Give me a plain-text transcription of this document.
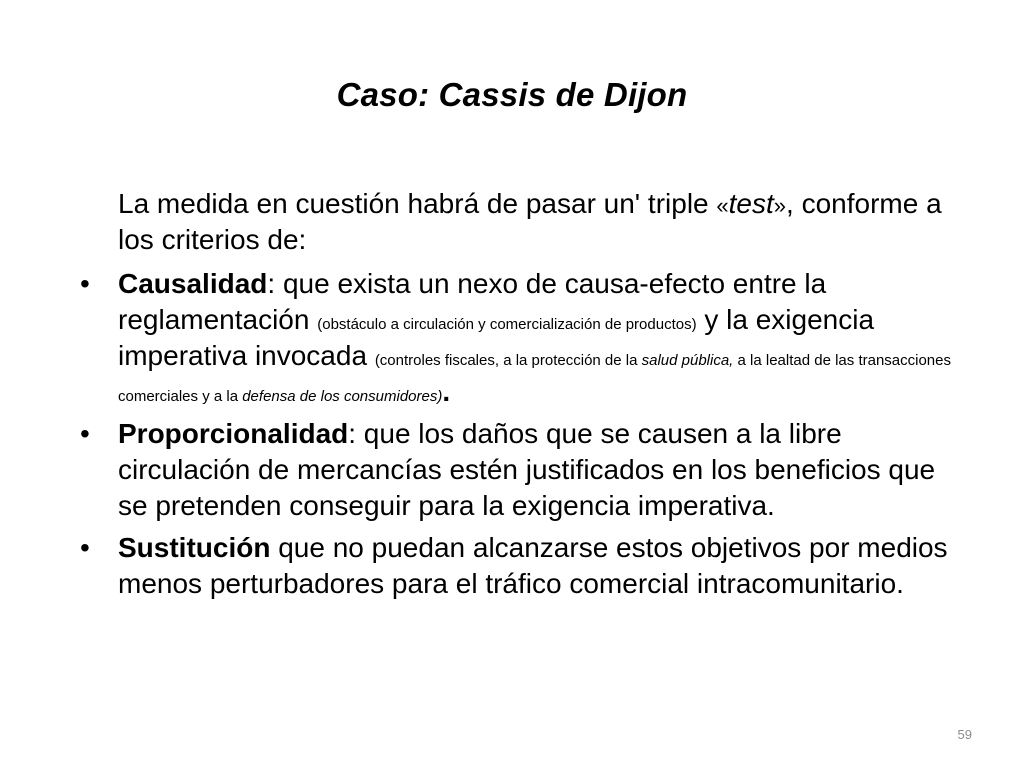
Caso: Cassis de Dijon

La medida en cuestión habrá de pasar un' triple «test», conforme a los criterios de:

• Causalidad: que exista un nexo de causa-efecto entre la reglamentación (obstáculo a circulación y comercialización de productos) y la exigencia imperativa invocada (controles fiscales, a la protección de la salud pública, a la lealtad de las transacciones comerciales y a la defensa de los consumidores).
• Proporcionalidad: que los daños que se causen a la libre circulación de mercancías estén justificados en los beneficios que se pretenden conseguir para la exigencia imperativa.
• Sustitución que no puedan alcanzarse estos objetivos por medios menos perturbadores para el tráfico comercial intracomunitario.
59
